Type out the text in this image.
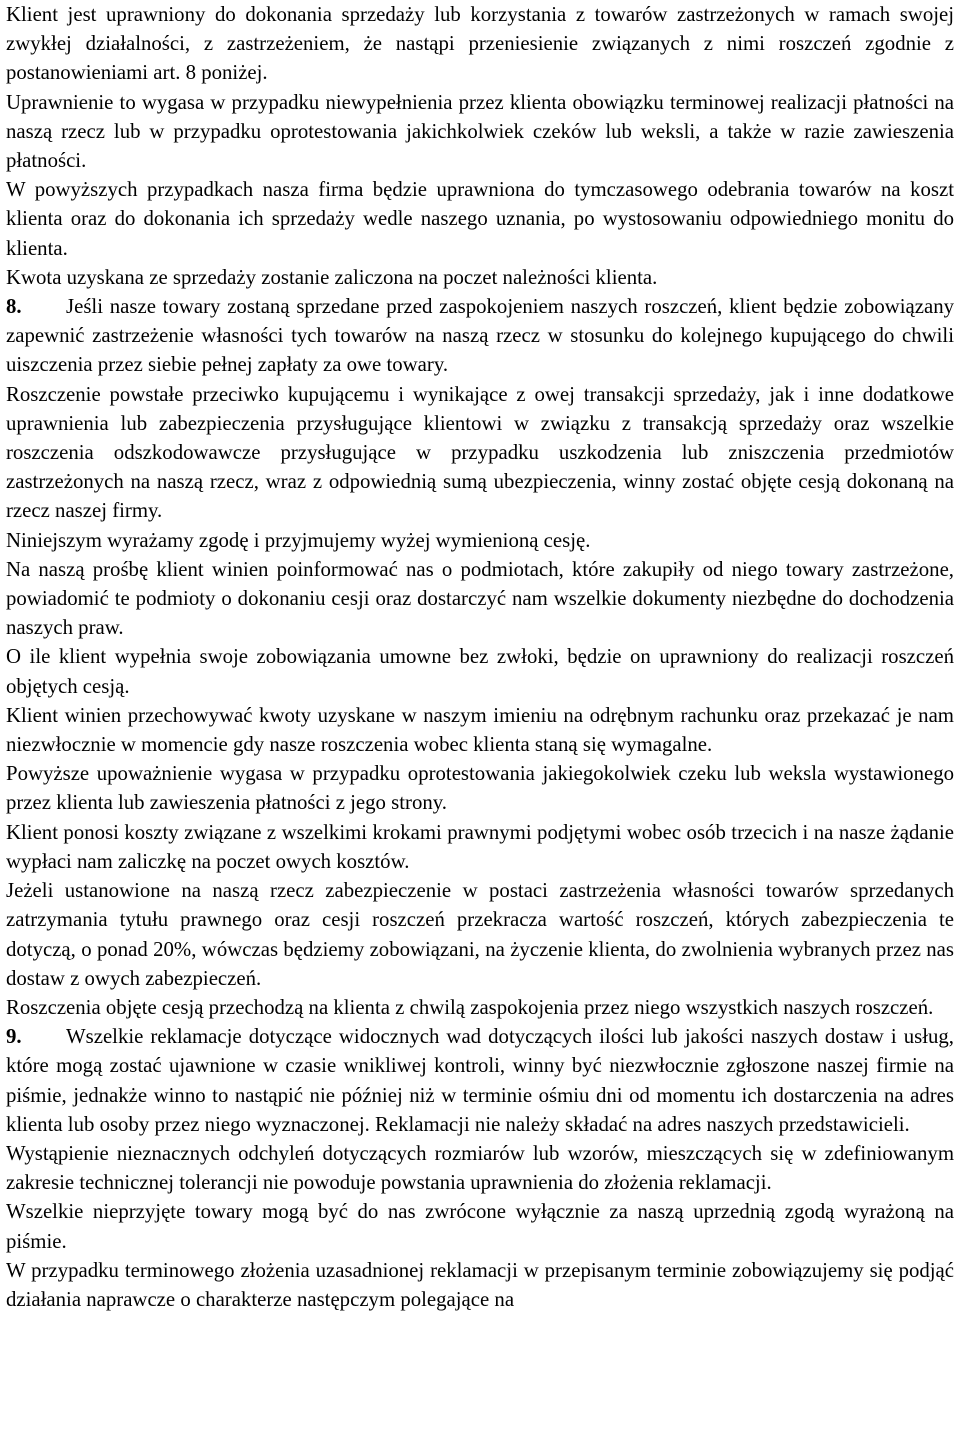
Klient jest uprawniony do dokonania sprzedaży lub korzystania z towarów zastrzeżonych w ramach swojej zwykłej działalności, z zastrzeżeniem, że nastąpi przeniesienie związanych z nimi roszczeń zgodnie z postanowieniami art. 8 poniżej.

Uprawnienie to wygasa w przypadku niewypełnienia przez klienta obowiązku terminowej realizacji płatności na naszą rzecz lub w przypadku oprotestowania jakichkolwiek czeków lub weksli, a także w razie zawieszenia płatności.

W powyższych przypadkach nasza firma będzie uprawniona do tymczasowego odebrania towarów na koszt klienta oraz do dokonania ich sprzedaży wedle naszego uznania, po wystosowaniu odpowiedniego monitu do klienta.

Kwota uzyskana ze sprzedaży zostanie zaliczona na poczet należności klienta.

8. Jeśli nasze towary zostaną sprzedane przed zaspokojeniem naszych roszczeń, klient będzie zobowiązany zapewnić zastrzeżenie własności tych towarów na naszą rzecz w stosunku do kolejnego kupującego do chwili uiszczenia przez siebie pełnej zapłaty za owe towary.

Roszczenie powstałe przeciwko kupującemu i wynikające z owej transakcji sprzedaży, jak i inne dodatkowe uprawnienia lub zabezpieczenia przysługujące klientowi w związku z transakcją sprzedaży oraz wszelkie roszczenia odszkodowawcze przysługujące w przypadku uszkodzenia lub zniszczenia przedmiotów zastrzeżonych na naszą rzecz, wraz z odpowiednią sumą ubezpieczenia, winny zostać objęte cesją dokonaną na rzecz naszej firmy.

Niniejszym wyrażamy zgodę i przyjmujemy wyżej wymienioną cesję.

Na naszą prośbę klient winien poinformować nas o podmiotach, które zakupiły od niego towary zastrzeżone, powiadomić te podmioty o dokonaniu cesji oraz dostarczyć nam wszelkie dokumenty niezbędne do dochodzenia naszych praw.

O ile klient wypełnia swoje zobowiązania umowne bez zwłoki, będzie on uprawniony do realizacji roszczeń objętych cesją.

Klient winien przechowywać kwoty uzyskane w naszym imieniu na odrębnym rachunku oraz przekazać je nam niezwłocznie w momencie gdy nasze roszczenia wobec klienta staną się wymagalne.

Powyższe upoważnienie wygasa w przypadku oprotestowania jakiegokolwiek czeku lub weksla wystawionego przez klienta lub zawieszenia płatności z jego strony.

Klient ponosi koszty związane z wszelkimi krokami prawnymi podjętymi wobec osób trzecich i na nasze żądanie wypłaci nam zaliczkę na poczet owych kosztów.

Jeżeli ustanowione na naszą rzecz zabezpieczenie w postaci zastrzeżenia własności towarów sprzedanych zatrzymania tytułu prawnego oraz cesji roszczeń przekracza wartość roszczeń, których zabezpieczenia te dotyczą, o ponad 20%, wówczas będziemy zobowiązani, na życzenie klienta, do zwolnienia wybranych przez nas dostaw z owych zabezpieczeń.

Roszczenia objęte cesją przechodzą na klienta z chwilą zaspokojenia przez niego wszystkich naszych roszczeń.

9. Wszelkie reklamacje dotyczące widocznych wad dotyczących ilości lub jakości naszych dostaw i usług, które mogą zostać ujawnione w czasie wnikliwej kontroli, winny być niezwłocznie zgłoszone naszej firmie na piśmie, jednakże winno to nastąpić nie później niż w terminie ośmiu dni od momentu ich dostarczenia na adres klienta lub osoby przez niego wyznaczonej. Reklamacji nie należy składać na adres naszych przedstawicieli.

Wystąpienie nieznacznych odchyleń dotyczących rozmiarów lub wzorów, mieszczących się w zdefiniowanym zakresie technicznej tolerancji nie powoduje powstania uprawnienia do złożenia reklamacji.

Wszelkie nieprzyjęte towary mogą być do nas zwrócone wyłącznie za naszą uprzednią zgodą wyrażoną na piśmie.

W przypadku terminowego złożenia uzasadnionej reklamacji w przepisanym terminie zobowiązujemy się podjąć działania naprawcze o charakterze następczym polegające na
